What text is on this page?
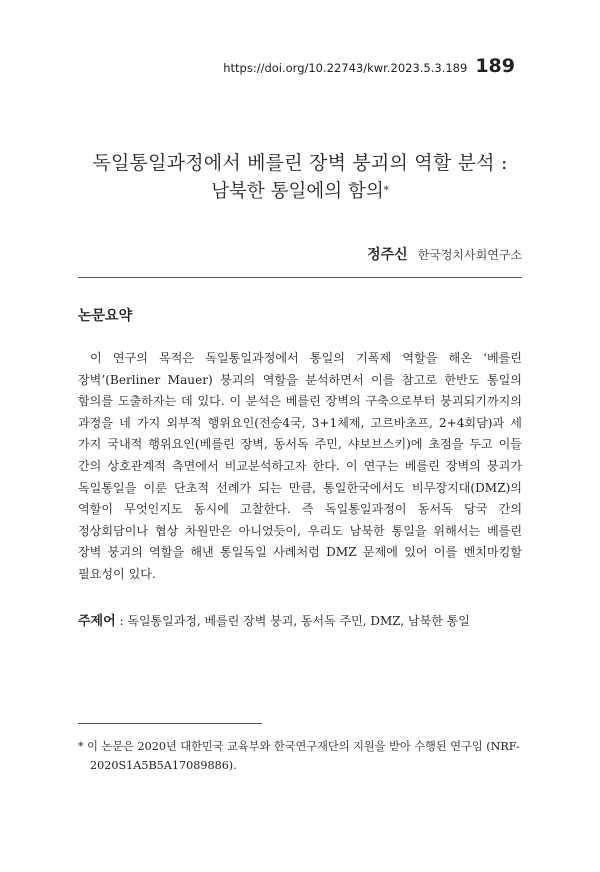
https://doi.org/10.22743/kwr.2023.5.3.189 189
독일통일과정에서 베를린 장벽 붕괴의 역할 분석 :
남북한 통일에의 함의*
정주신 한국정치사회연구소
논문요약

이 연구의 목적은 독일통일과정에서 통일의 기폭제 역할을 해온 ‘베를린 장벽’(Berliner Mauer) 붕괴의 역할을 분석하면서 이를 참고로 한반도 통일의 함의를 도출하자는 데 있다. 이 분석은 베를린 장벽의 구축으로부터 붕괴되기까지의 과정을 네 가지 외부적 행위요인(전승4국, 3+1체제, 고르바초프, 2+4회담)과 세 가지 국내적 행위요인(베를린 장벽, 동서독 주민, 샤보브스키)에 초점을 두고 이들 간의 상호관계적 측면에서 비교분석하고자 한다. 이 연구는 베를린 장벽의 붕괴가 독일통일을 이룬 단초적 선례가 되는 만큼, 통일한국에서도 비무장지대(DMZ)의 역할이 무엇인지도 동시에 고찰한다. 즉 독일통일과정이 동서독 당국 간의 정상회담이나 협상 차원만은 아니었듯이, 우리도 남북한 통일을 위해서는 베를린 장벽 붕괴의 역할을 해낸 통일독일 사례처럼 DMZ 문제에 있어 이를 벤치마킹할 필요성이 있다.

주제어 : 독일통일과정, 베를린 장벽 붕괴, 동서독 주민, DMZ, 남북한 통일
* 이 논문은 2020년 대한민국 교육부와 한국연구재단의 지원을 받아 수행된 연구임 (NRF-2020S1A5B5A17089886).
